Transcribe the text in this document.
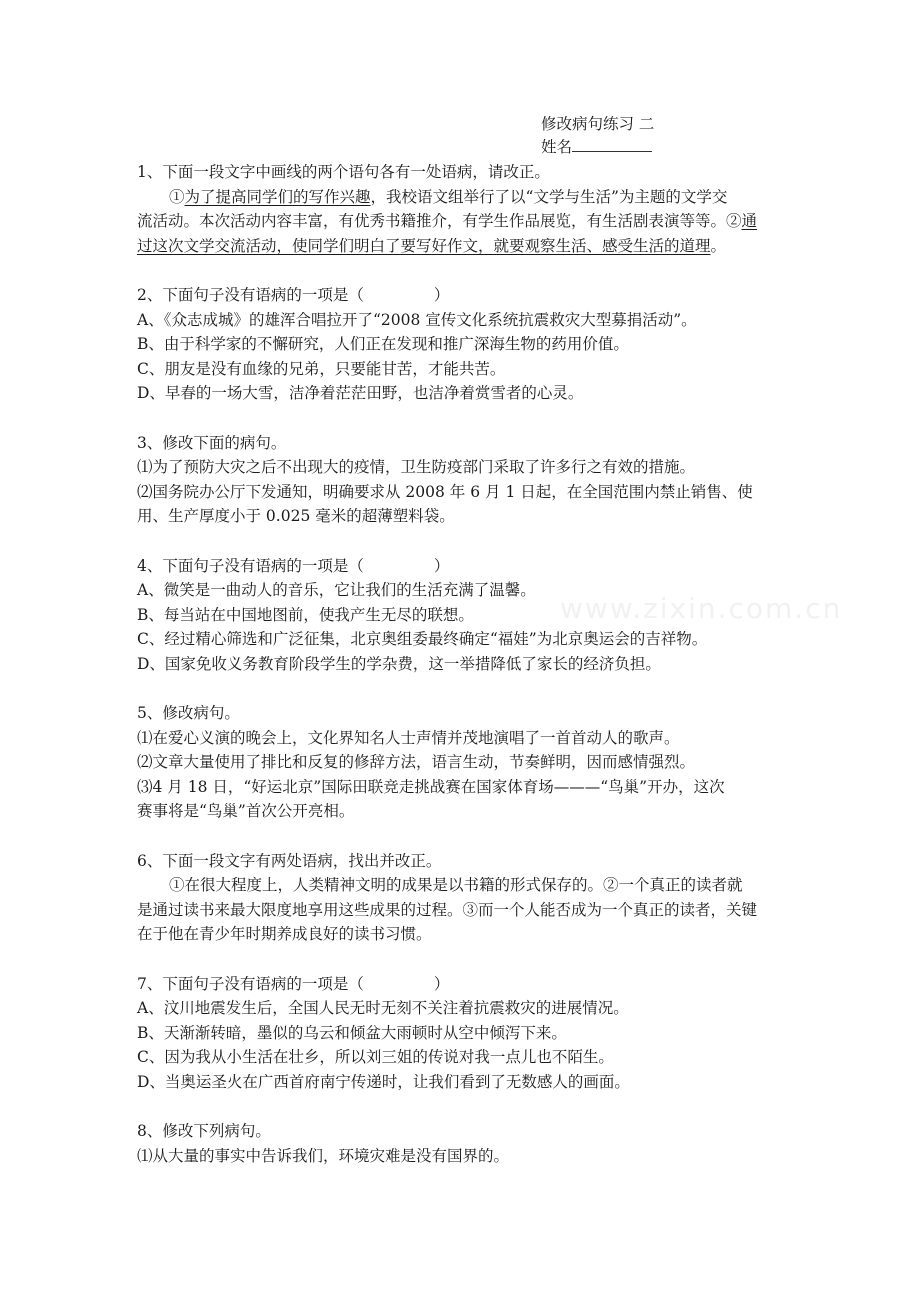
修改病句练习 二
姓名
www.zixin.com.cn
1、下面一段文字中画线的两个语句各有一处语病，请改正。
①为了提高同学们的写作兴趣，我校语文组举行了以“文学与生活”为主题的文学交
流活动。本次活动内容丰富，有优秀书籍推介，有学生作品展览，有生活剧表演等等。②通
过这次文学交流活动，使同学们明白了要写好作文，就要观察生活、感受生活的道理。
2、下面句子没有语病的一项是（	）
A、《众志成城》的雄浑合唱拉开了“2008 宣传文化系统抗震救灾大型募捐活动”。
B、由于科学家的不懈研究，人们正在发现和推广深海生物的药用价值。
C、朋友是没有血缘的兄弟，只要能甘苦，才能共苦。
D、早春的一场大雪，洁净着茫茫田野，也洁净着赏雪者的心灵。
3、修改下面的病句。
⑴为了预防大灾之后不出现大的疫情，卫生防疫部门采取了许多行之有效的措施。
⑵国务院办公厅下发通知，明确要求从 2008 年 6 月 1 日起，在全国范围内禁止销售、使
用、生产厚度小于 0.025 毫米的超薄塑料袋。
4、下面句子没有语病的一项是（	）
A、微笑是一曲动人的音乐，它让我们的生活充满了温馨。
B、每当站在中国地图前，使我产生无尽的联想。
C、经过精心筛选和广泛征集，北京奥组委最终确定“福娃”为北京奥运会的吉祥物。
D、国家免收义务教育阶段学生的学杂费，这一举措降低了家长的经济负担。
5、修改病句。
⑴在爱心义演的晚会上，文化界知名人士声情并茂地演唱了一首首动人的歌声。
⑵文章大量使用了排比和反复的修辞方法，语言生动，节奏鲜明，因而感情强烈。
⑶4 月 18 日，“好运北京”国际田联竞走挑战赛在国家体育场———“鸟巢”开办，这次
赛事将是“鸟巢”首次公开亮相。
6、下面一段文字有两处语病，找出并改正。
①在很大程度上，人类精神文明的成果是以书籍的形式保存的。②一个真正的读者就
是通过读书来最大限度地享用这些成果的过程。③而一个人能否成为一个真正的读者，关键
在于他在青少年时期养成良好的读书习惯。
7、下面句子没有语病的一项是（	）
A、汶川地震发生后，全国人民无时无刻不关注着抗震救灾的进展情况。
B、天渐渐转暗，墨似的乌云和倾盆大雨顿时从空中倾泻下来。
C、因为我从小生活在壮乡，所以刘三姐的传说对我一点儿也不陌生。
D、当奥运圣火在广西首府南宁传递时，让我们看到了无数感人的画面。
8、修改下列病句。
⑴从大量的事实中告诉我们，环境灾难是没有国界的。
